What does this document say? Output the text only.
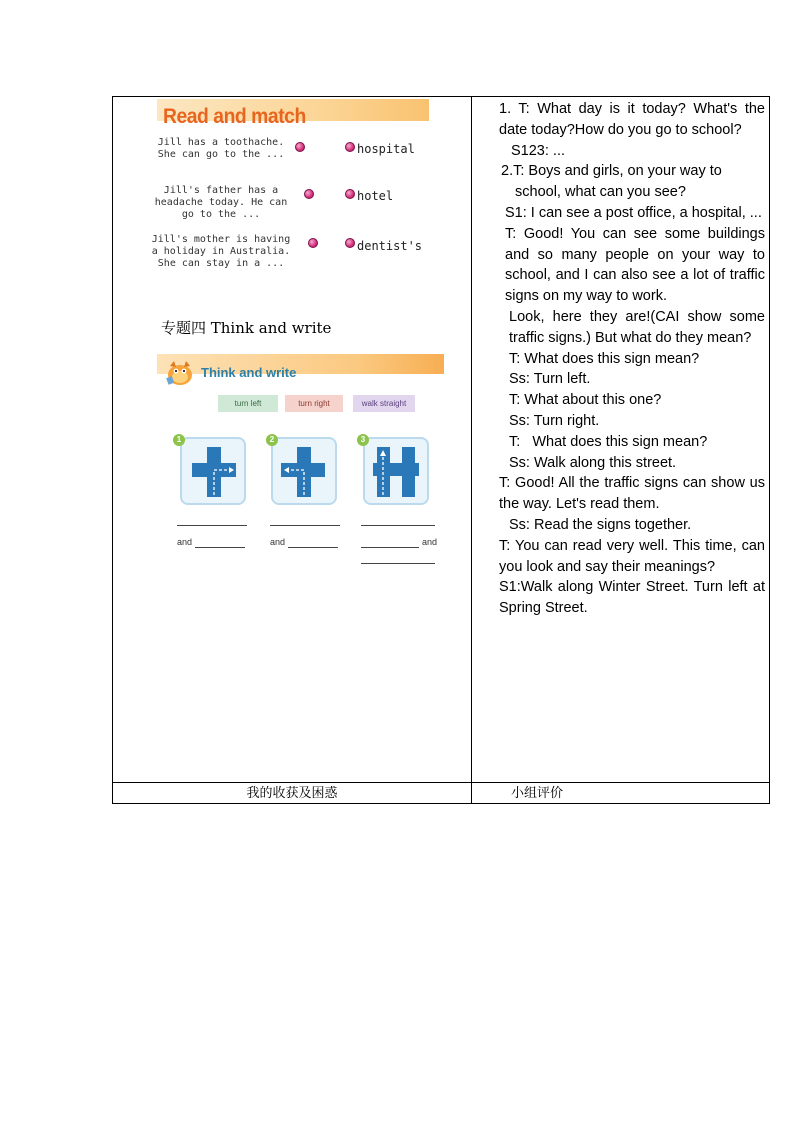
Read and match
Jill has a toothache. She can go to the ...
Jill's father has a headache today. He can go to the ...
Jill's mother is having a holiday in Australia. She can stay in a ...
hospital
hotel
dentist's
专题四 Think and write
Think and write
turn left	turn right	walk straight
1	2	3
and	and	and

1. T: What day is it today? What's the date today?How do you go to school?

S123: ...

2.T: Boys and girls, on your way to

school, what can you see?

S1: I can see a post office, a hospital, ...

T: Good! You can see some buildings and so many people on your way to school, and I can also see a lot of traffic signs on my way to work.

Look, here they are!(CAI show some traffic signs.) But what do they mean?

T: What does this sign mean?

Ss: Turn left.

T: What about this one?

Ss: Turn right.

T:   What does this sign mean?

Ss: Walk along this street.

T: Good! All the traffic signs can show us the way. Let's read them.

Ss: Read the signs together.

T: You can read very well. This time, can you look and say their meanings?

S1:Walk along Winter Street. Turn left at Spring Street.

我的收获及困惑	小组评价
